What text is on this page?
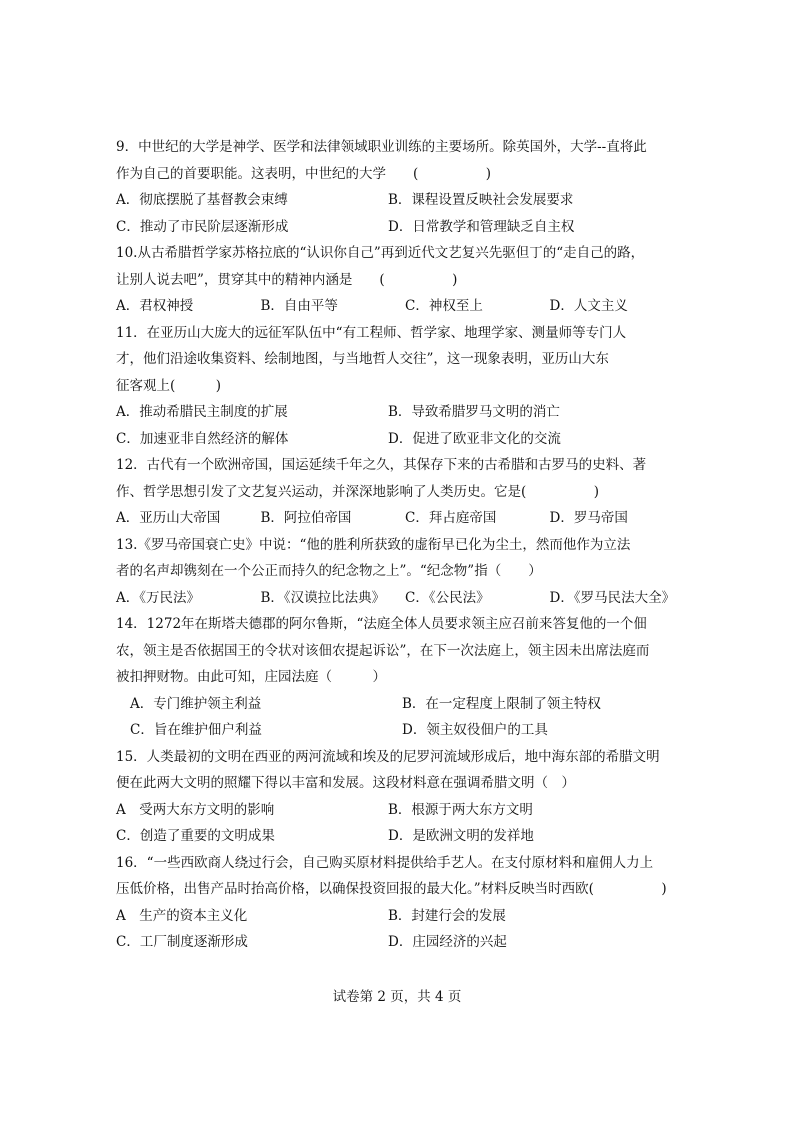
9．中世纪的大学是神学、医学和法律领域职业训练的主要场所。除英国外，大学--直将此
作为自己的首要职能。这表明，中世纪的大学　　(　　　　　)
A．彻底摆脱了基督教会束缚	B．课程设置反映社会发展要求
C．推动了市民阶层逐渐形成	D．日常教学和管理缺乏自主权
10.从古希腊哲学家苏格拉底的“认识你自己”再到近代文艺复兴先驱但丁的“走自己的路，
让别人说去吧”，贯穿其中的精神内涵是　　(　　　　　)
A．君权神授	B．自由平等	C．神权至上	D．人文主义
11．在亚历山大庞大的远征军队伍中“有工程师、哲学家、地理学家、测量师等专门人
才，他们沿途收集资料、绘制地图，与当地哲人交往”，这一现象表明，亚历山大东
征客观上(　　　)
A．推动希腊民主制度的扩展	B．导致希腊罗马文明的消亡
C．加速亚非自然经济的解体	D．促进了欧亚非文化的交流
12．古代有一个欧洲帝国，国运延续千年之久，其保存下来的古希腊和古罗马的史料、著
作、哲学思想引发了文艺复兴运动，并深深地影响了人类历史。它是(　　　　　)
A．亚历山大帝国	B．阿拉伯帝国	C．拜占庭帝国	D．罗马帝国
13.《罗马帝国衰亡史》中说：“他的胜利所获致的虚衔早已化为尘土，然而他作为立法
者的名声却镌刻在一个公正而持久的纪念物之上”。“纪念物”指（　　）
A．《万民法》	B．《汉谟拉比法典》	C．《公民法》	D．《罗马民法大全》
14．1272年在斯塔夫德郡的阿尔鲁斯，“法庭全体人员要求领主应召前来答复他的一个佃
农，领主是否依据国王的令状对该佃农提起诉讼”，在下一次法庭上，领主因未出席法庭而
被扣押财物。由此可知，庄园法庭（　　　）
A．专门维护领主利益	B．在一定程度上限制了领主特权
C．旨在维护佃户利益	D．领主奴役佃户的工具
15．人类最初的文明在西亚的两河流域和埃及的尼罗河流域形成后，地中海东部的希腊文明
便在此两大文明的照耀下得以丰富和发展。这段材料意在强调希腊文明（　）
A　受两大东方文明的影响	B．根源于两大东方文明
C．创造了重要的文明成果	D．是欧洲文明的发祥地
16．“一些西欧商人绕过行会，自己购买原材料提供给手艺人。在支付原材料和雇佣人力上
压低价格，出售产品时抬高价格，以确保投资回报的最大化。”材料反映当时西欧(　　　　　)
A　生产的资本主义化	B．封建行会的发展
C．工厂制度逐渐形成	D．庄园经济的兴起
试卷第 2 页，共 4 页
